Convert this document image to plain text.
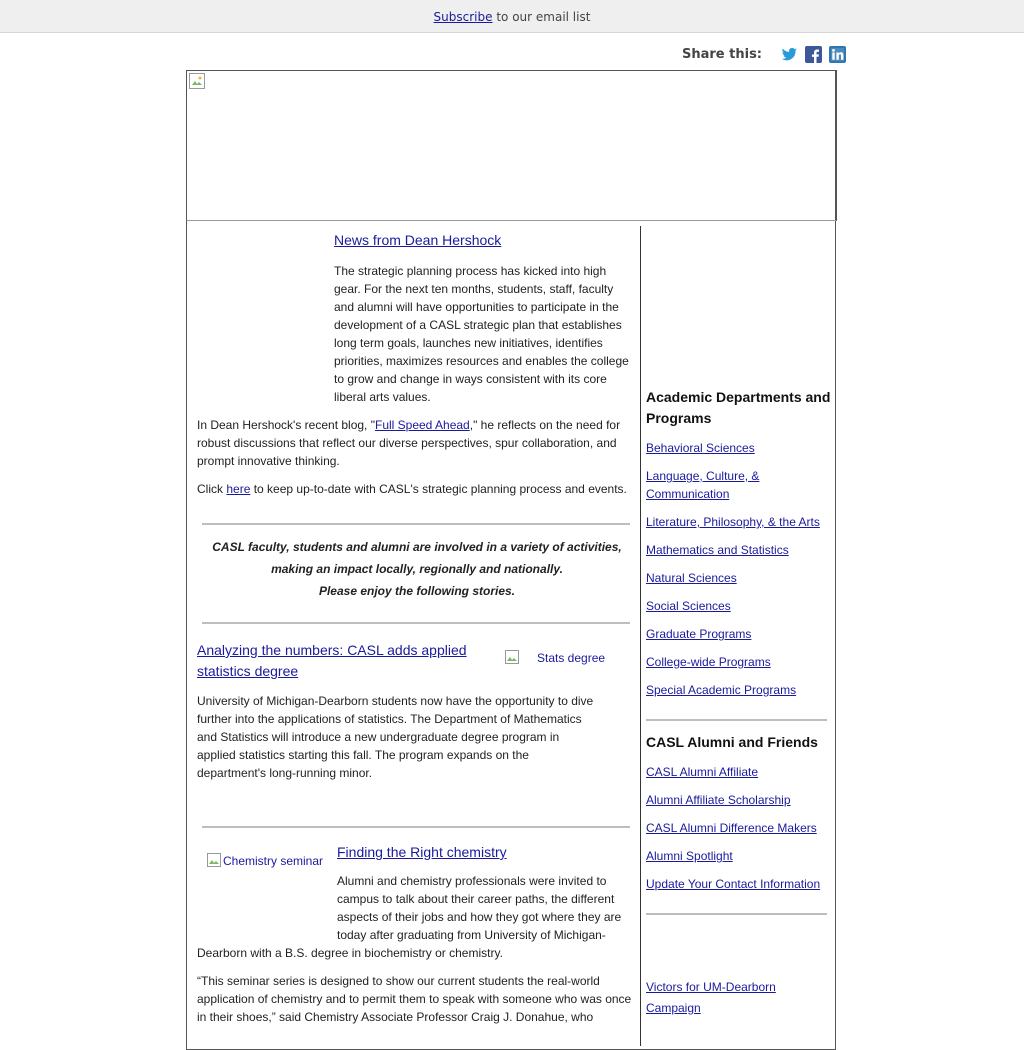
Subscribe to our email list
Share this:
News from Dean Hershock

The strategic planning process has kicked into high gear. For the next ten months, students, staff, faculty and alumni will have opportunities to participate in the development of a CASL strategic plan that establishes long term goals, launches new initiatives, identifies priorities, maximizes resources and enables the college to grow and change in ways consistent with its core liberal arts values.

In Dean Hershock's recent blog, "Full Speed Ahead," he reflects on the need for robust discussions that reflect our diverse perspectives, spur collaboration, and prompt innovative thinking.

Click here to keep up-to-date with CASL's strategic planning process and events.

CASL faculty, students and alumni are involved in a variety of activities,
making an impact locally, regionally and nationally.
Please enjoy the following stories.
Analyzing the numbers: CASL adds applied statistics degree
Stats degree

University of Michigan-Dearborn students now have the opportunity to dive further into the applications of statistics. The Department of Mathematics and Statistics will introduce a new undergraduate degree program in applied statistics starting this fall. The program expands on the department's long-running minor.

Chemistry seminar
Finding the Right chemistry

Alumni and chemistry professionals were invited to campus to talk about their career paths, the different aspects of their jobs and how they got where they are today after graduating from University of Michigan-Dearborn with a B.S. degree in biochemistry or chemistry.

“This seminar series is designed to show our current students the real-world application of chemistry and to permit them to speak with someone who was once in their shoes,” said Chemistry Associate Professor Craig J. Donahue, who

Academic Departments and Programs
Behavioral Sciences
Language, Culture, & Communication
Literature, Philosophy, & the Arts
Mathematics and Statistics
Natural Sciences
Social Sciences
Graduate Programs
College-wide Programs
Special Academic Programs
CASL Alumni and Friends
CASL Alumni Affiliate
Alumni Affiliate Scholarship
CASL Alumni Difference Makers
Alumni Spotlight
Update Your Contact Information
Victors for UM-Dearborn Campaign
